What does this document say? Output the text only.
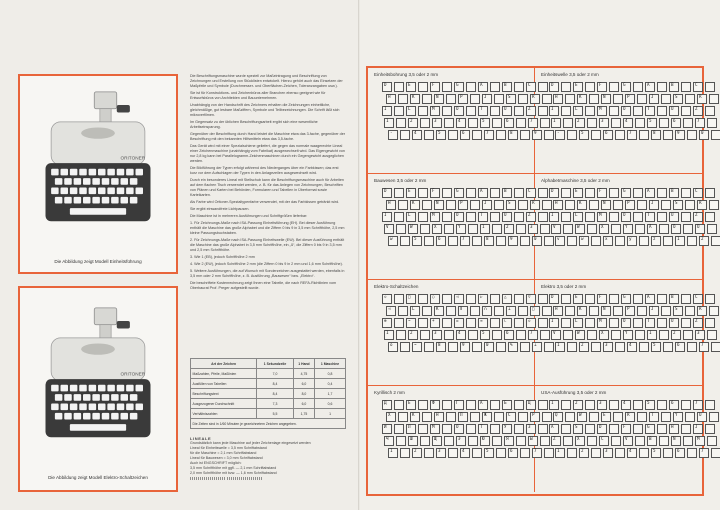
ORITONER
Die Abbildung zeigt Modell Einheitsführung
ORITONER
Die Abbildung zeigt Modell Elektro-Schaltzeichen

Die Beschriftungsmaschine wurde speziell zur Maßeintragung und Beschriftung von Zeichnungen und Erstellung von Stücklisten entwickelt. Hierzu gehört auch das Einsetzen der Maßpfeile und Symbole (Durchmesser- und Oberflächen-Zeichen, Toleranzangaben usw.).

Sie ist für Konstruktions- und Zeichenbüros aller Branchen ebenso geeignet wie für Entwurfsbüros von Architekten und Bauunternehmen.

Unabhängig von der Handschrift des Zeichners erhalten die Zeichnungen einheitliche, gleichmäßige, gut lesbare Maßziffern, Symbole und Teilbezeichnungen. Die Schrift läßt sich mikroverfilmen.

Im Gegensatz zu der üblichen Beschriftungsarbeit ergibt sich eine wesentliche Arbeitseinsparung.

Gegenüber der Beschriftung durch Hand leistet die Maschine etwa das 3-fache, gegenüber der Beschriftung mit den bekannten Hilfsmitteln etwa das 3,5-fache.

Das Gerät wird mit einer Spezialschiene geliefert, die gegen das normale waagerechte Lineal einer Zeichenmaschine (unabhängig vom Fabrikat) ausgewechselt wird. Das Eigengewicht von nur 2,8 kg kann bei Parallelogramm-Zeichenmaschinen durch ein Gegengewicht ausgeglichen werden.

Die Bildführung der Typen erfolgt während des Niederganges über ein Farbkissen; das erst kurz vor dem Aufschlagen der Typen in den Anlagezeilen ausgewechselt wird.

Durch ein besonderes Lineal mit Stellschub kann die Beschriftungsmaschine auch für Arbeiten auf dem flachen Tisch verwendet werden, z. B. für das Anlegen von Zeichnungen, Beschriften von Plänen und Karten bei Behörden, Formularen und Tabellen in Überformat sowie Karteikarten.

Als Farbe wird Oritoner-Spezialtypenfarbe verwendet, mit der das Farbkissen getränkt wird.

Sie ergibt einwandfreie Lichtpausen.

Die Maschine ist in mehreren Ausführungen und Schriftgrößen lieferbar:

1. Für Zeichnungs-Maße nach ISA-Passung Einheitsführung (EH). Bei dieser Ausführung enthält die Maschine das große Alphabet und die Ziffern 0 bis 9 in 3,5 mm Schrifthöhe, 2,5 mm kleine Passungsbuchstaben.

2. Für Zeichnungs-Maße nach ISA-Passung Einheitswelle (EW). Bei dieser Ausführung enthält die Maschine das große Alphabet in 3,5 mm Schrifthöhe, ein „ß“, die Ziffern 0 bis 9 in 3,5 mm und 2,5 mm Schrifthöhe.

3. Wie 1 (EB), jedoch Schrifthöhe 2 mm

4. Wie 2 (EW), jedoch Schrifthöhe 2 mm (die Ziffern 0 bis 9 in 2 mm und 1,6 mm Schrifthöhe).

5. Weitere Ausführungen, die auf Wunsch mit Sonderzeichen ausgestattet werden, ebenfalls in 3,5 mm oder 2 mm Schrifthöhe, z. B. Ausführung „Bauwesen“ bzw. „Elektro“.

Die beschriftete Kostenrechnung zeigt Ihnen eine Tabelle, die nach REFA-Richtlinien vom Oberbaurat Prof. Preger aufgestellt wurde.

Art der Zeichen	1 Sekundzeile	1 Hand	1 Maschine
Maßzahlen, Pfeile, Maßlinien	7,0	4,75	0,8
Ausfüllen von Tabellen	8,4	6,0	0,4
Beschriftungstext	8,4	8,0	1,7
Ausgezogener Durchschnitt	7,3	6,0	0,6
Verhältniszahlen	5,5	1,75	1
Die Zeiten sind in 1/60 Minuten je gezeichnetem Zeichen angegeben.			
LINEALE
Grundsätzlich kann jede Maschine auf jeder Zeichenlage eingesetzt werden
Lineal für Einheitswelle = 3,5 mm Schriftabstand
für die Maschine = 2,1 mm Schriftabstand
Lineal für Bauwesen = 3,0 mm Schriftabstand
Auch ist ENGSCHRIFT möglich:
3,5 mm Schrifthöhe mit ggfl. — 2,1 mm Schriftabstand
2,0 mm Schrifthöhe mit bzw. — 1,6 mm Schriftabstand

Einheitsbohrung 3,5 oder 2 mm
D	E	F	G	A	B	C
H	K	N	P	J	S	R
I	L	M	O	T	U	Z
1	2	3	4	5	6	7
-	4	5	6	7	8	9
Einheitswelle 3,5 oder 2 mm
D	E	F	G	A	B	C
H	K	N	P	J	S	R
I	L	M	O	T	U	Z
1	2	3	4	5	6	7
-	5	6	7	8	9	0
Bauwesen 3,5 oder 2 mm
D	E	F	G	A	B	C
H	K	N	P	J	S	R
I	L	M	O	T	U	Z
V	W	X	Y	1	2	3
w	5	6	7	8	9	0
Alphabetmaschine 3,5 oder 2 mm
D	E	F	G	A	B	C
H	K	N	P	J	S	R
I	L	M	O	T	U	Z
V	W	X	Y	Ä	Ö	Ü
v	w	x	y	z	1	2
Elektro-Schaltzeichen
◇	□	○	◁	▷	△	▽
◁	L	K	ǁ	∩	⊥	□
⊕	~	+	=	≈	∟	◇
1	2	3	4	5	6	7
o	~	8	9	0	%	⊥
Elektro 3,5 oder 2 mm
D	E	F	G	A	B	C
H	K	N	P	J	S	R
I	L	M	O	T	U	Z
V	W	X	Y	1	2	3
1	2	3	4	5	6	7
Kyrillisch 2 mm
Д	Е	Ф	Г	А	Б	Ц
Х	К	Н	П	Ж	С	Р
И	Л	М	О	Т	У	З
Ч	Ш	Щ	Э	Ю	Я	Ы
1	2	3	4	5	6	7
USA-Ausführung 3,5 oder 2 mm
1	2	3	4	5	6	7
Q	W	E	R	T	Y	U
A	S	D	F	G	H	J
Z	X	C	V	B	N	M
1	2	3	4	5	6	7
